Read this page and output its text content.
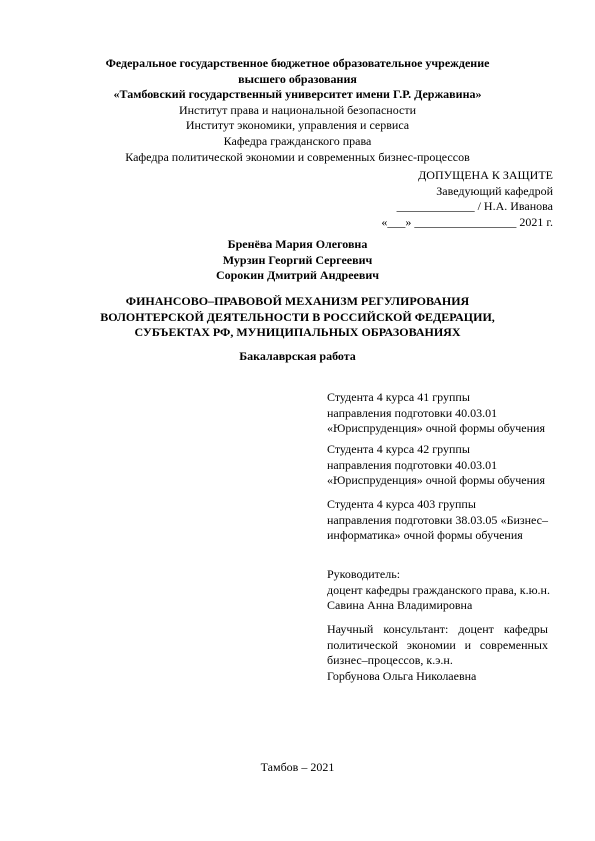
Федеральное государственное бюджетное образовательное учреждение
высшего образования
«Тамбовский государственный университет имени Г.Р. Державина»
Институт права и национальной безопасности
Институт экономики, управления и сервиса
Кафедра гражданского права
Кафедра политической экономии и современных бизнес-процессов
ДОПУЩЕНА К ЗАЩИТЕ
Заведующий кафедрой
_____________ / Н.А. Иванова
«___» _________________ 2021 г.
Бренёва Мария Олеговна
Мурзин Георгий Сергеевич
Сорокин Дмитрий Андреевич
ФИНАНСОВО–ПРАВОВОЙ МЕХАНИЗМ РЕГУЛИРОВАНИЯ
ВОЛОНТЕРСКОЙ ДЕЯТЕЛЬНОСТИ В РОССИЙСКОЙ ФЕДЕРАЦИИ,
СУБЪЕКТАХ РФ, МУНИЦИПАЛЬНЫХ ОБРАЗОВАНИЯХ
Бакалаврская работа
Студента 4 курса 41 группы
направления подготовки 40.03.01
«Юриспруденция» очной формы обучения
Студента 4 курса 42 группы
направления подготовки 40.03.01
«Юриспруденция» очной формы обучения
Студента 4 курса 403 группы
направления подготовки 38.03.05 «Бизнес–
информатика» очной формы обучения
Руководитель:
доцент кафедры гражданского права, к.ю.н.
Савина Анна Владимировна
Научный консультант: доцент кафедры
политической экономии и современных
бизнес–процессов, к.э.н.
Горбунова Ольга Николаевна
Тамбов – 2021
